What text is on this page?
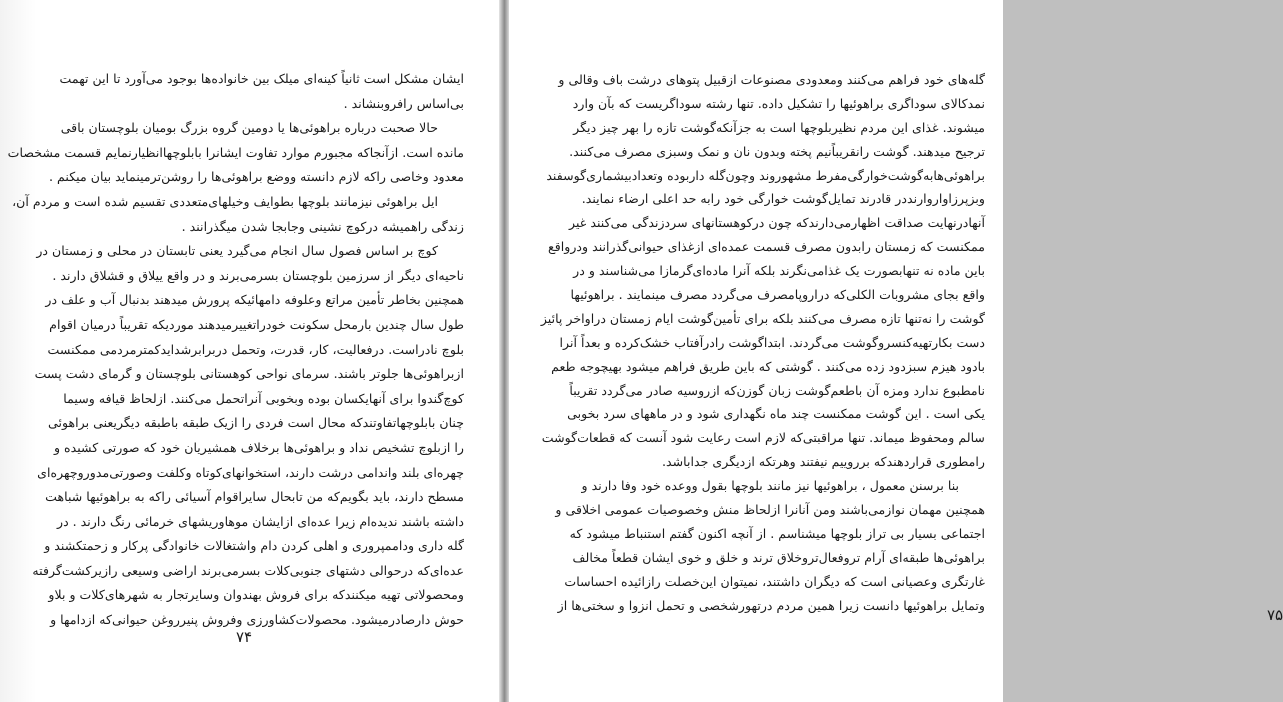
ایشان مشکل است ثانیاً کینه‌ای میلک بین خانواده‌ها بوجود می‌آورد تا این تهمت
بی‌اساس رافروبنشاند .
حالا صحبت درباره براهوئی‌ها یا دومین گروه بزرگ بومیان بلوچستان باقی
مانده است. ازآنجاکه مجبورم موارد تفاوت ایشانرا بابلوچهاانظیارنمایم قسمت مشخصات
معدود وخاصی راکه لازم دانسته ووضع براهوئی‌ها را روشن‌ترمینماید بیان میکنم .
ایل براهوئی نیزمانند بلوچها بطوایف وخیلهای‌متعددی تقسیم شده است و مردم آن،
زندگی راهمیشه درکوچ نشینی وجابجا شدن میگذرانند .
کوچ بر اساس فصول سال انجام می‌گیرد یعنی تابستان در محلی و زمستان در
ناحیه‌ای دیگر از سرزمین بلوچستان بسرمی‌برند و در واقع ییلاق و قشلاق دارند .
همچنین بخاطر تأمین مراتع وعلوفه دامهائیکه پرورش میدهند بدنبال آب و علف در
طول سال چندین بارمحل سکونت خودراتغییرمیدهند موردیکه تقریباً درمیان اقوام
بلوچ نادراست. درفعالیت، کار، قدرت، وتحمل دربرابرشدایدکمترمردمی ممکنست
ازبراهوئی‌ها جلوتر باشند. سرمای نواحی کوهستانی بلوچستان و گرمای دشت پست
کوچ‌گندوا برای آنهایکسان بوده وبخوبی آنراتحمل می‌کنند. ازلحاظ قیافه وسیما
چنان بابلوچهاتفاوتندکه محال است فردی را ازیک طبقه باطبقه دیگریعنی براهوئی
را ازبلوچ تشخیص نداد و براهوئی‌ها برخلاف همشیریان خود که صورتی کشیده و
چهره‌ای بلند واندامی درشت دارند، استخوانهای‌کوتاه وکلفت وصورتی‌مدوروچهره‌ای
مسطح دارند، باید بگویم‌که من تابحال سایراقوام آسیائی راکه به براهوئیها شباهت
داشته باشند ندیده‌ام زیرا عده‌ای ازایشان موهاوریشهای خرمائی رنگ دارند . در
گله داری وداممپروری و اهلی کردن دام واشتغالات خانوادگی پرکار و زحمتکشند و
عده‌ای‌که درحوالی دشتهای جنوبی‌کلات بسرمی‌برند اراضی وسیعی رازیرکشت‌گرفته
ومحصولاتی تهیه میکنندکه برای فروش بهندوان وسایرتجار به شهرهای‌کلات و بلاو
حوش دارصادرمیشود. محصولات‌کشاورزی وفروش پنیرروغن حیوانی‌که ازدامها و
۷۴
گله‌های خود فراهم می‌کنند ومعدودی مصنوعات ازقبیل پتوهای درشت باف وقالی و
نمدکالای سوداگری براهوئیها را تشکیل داده. تنها رشته سوداگریست که بآن وارد
میشوند. غذای این مردم نظیربلوچها است به جزآنکه‌گوشت تازه را بهر چیز دیگر
ترجیح میدهند. گوشت رانقریباًنیم پخته وبدون نان و نمک وسبزی مصرف می‌کنند.
براهوئی‌هابه‌گوشت‌خوارگی‌مفرط مشهوروند وچون‌گله داربوده وتعدادبیشماری‌گوسفند
وبزپرزاواروارنددر قادرند تمایل‌گوشت خوارگی خود رابه حد اعلی ارضاء نمایند.
آنهادرنهایت صداقت اظهارمی‌دارندکه چون درکوهستانهای سردزندگی می‌کنند غیر
ممکنست که زمستان رابدون مصرف قسمت عمده‌ای ازغذای حیوانی‌گذرانند ودرواقع
باین ماده نه تنهابصورت یک غذامی‌نگرند بلکه آنرا ماده‌ای‌گرمازا می‌شناسند و در
واقع بجای مشروبات الکلی‌که دراروپامصرف می‌گردد مصرف مینمایند . براهوئیها
گوشت را نه‌تنها تازه مصرف می‌کنند بلکه برای تأمین‌گوشت ایام زمستان دراواخر پائیز
دست بکارتهیه‌کنسروگوشت می‌گردند. ابتداگوشت رادرآفتاب خشک‌کرده و بعداً آنرا
بادود هیزم سبزدود زده می‌کنند . گوشتی که باین طریق فراهم میشود بهیچوجه طعم
نامطبوع ندارد ومزه آن باطعم‌گوشت زبان گوزن‌که ازروسیه صادر می‌گردد تقریباً
یکی است . این گوشت ممکنست چند ماه نگهداری شود و در ماههای سرد بخوبی
سالم ومحفوظ میماند. تنها مراقبتی‌که لازم است رعایت شود آنست که قطعات‌گوشت
رامطوری قراردهندکه برروییم نیفتند وهرتکه ازدیگری جداباشد.
بنا برسنن معمول ، براهوئیها نیز مانند بلوچها بقول ووعده خود وفا دارند و
همچنین مهمان نوازمی‌باشند ومن آنانرا ازلحاظ منش وخصوصیات عمومی اخلاقی و
اجتماعی بسیار بی تراز بلوچها میشناسم . از آنچه اکنون گفتم استنباط میشود که
براهوئی‌ها طبقه‌ای آرام تروفعال‌تروخلاق ترند و خلق و خوی ایشان قطعاً مخالف
غارتگری وعصیانی است که دیگران داشتند، نمیتوان این‌خصلت رازائیده احساسات
وتمایل براهوئیها دانست زیرا همین مردم درتهورشخصی و تحمل انزوا و سختی‌ها از
۷۵
